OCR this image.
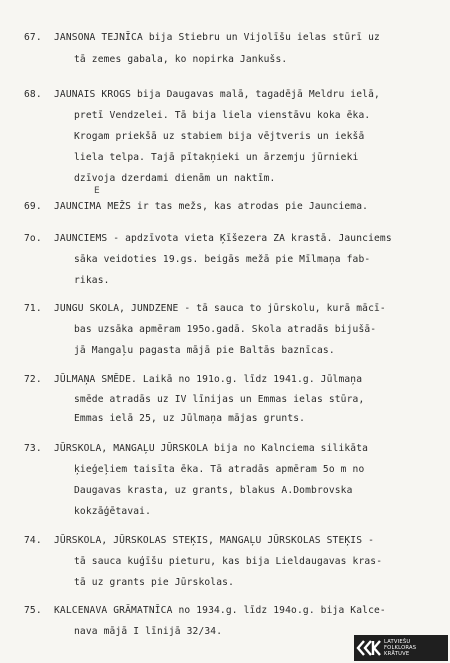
67. JANSONA TEJNĪCA bija Stiebru un Vijolīšu ielas stūrī uz
tā zemes gabala, ko nopirka Jankušs.
68. JAUNAIS KROGS bija Daugavas malā, tagadējā Meldru ielā,
pretī Vendzelei. Tā bija liela vienstāvu koka ēka.
Krogam priekšā uz stabiem bija vējtveris un iekšā
liela telpa. Tajā pītakņieki un ārzemju jūrnieki
dzīvoja dzerdami dienām un naktīm.
E
69. JAUNCIMA MEŽS ir tas mežs, kas atrodas pie Jaunciema.
7o. JAUNCIEMS - apdzīvota vieta Ķīšezera ZA krastā. Jaunciems
sāka veidoties 19.gs. beigās mežā pie Mīlmaņa fab-
rikas.
71. JUNGU SKOLA, JUNDZENE - tā sauca to jūrskolu, kurā mācī-
bas uzsāka apmēram 195o.gadā. Skola atradās bijušā-
jā Mangaļu pagasta mājā pie Baltās baznīcas.
72. JŪLMAŅA SMĒDE. Laikā no 191o.g. līdz 1941.g. Jūlmaņa
smēde atradās uz IV līnijas un Emmas ielas stūra,
Emmas ielā 25, uz Jūlmaņa mājas grunts.
73. JŪRSKOLA, MANGAĻU JŪRSKOLA bija no Kalnciema silikāta
ķieģeļiem taisīta ēka. Tā atradās apmēram 5o m no
Daugavas krasta, uz grants, blakus A.Dombrovska
kokzāģētavai.
74. JŪRSKOLA, JŪRSKOLAS STEĶIS, MANGAĻU JŪRSKOLAS STEĶIS -
tā sauca kuģīšu pieturu, kas bija Lieldaugavas kras-
tā uz grants pie Jūrskolas.
75. KALCENAVA GRĀMATNĪCA no 1934.g. līdz 194o.g. bija Kalce-
nava mājā I līnijā 32/34.
LATVIEŠU
FOLKLORAS
KRĀTUVE
